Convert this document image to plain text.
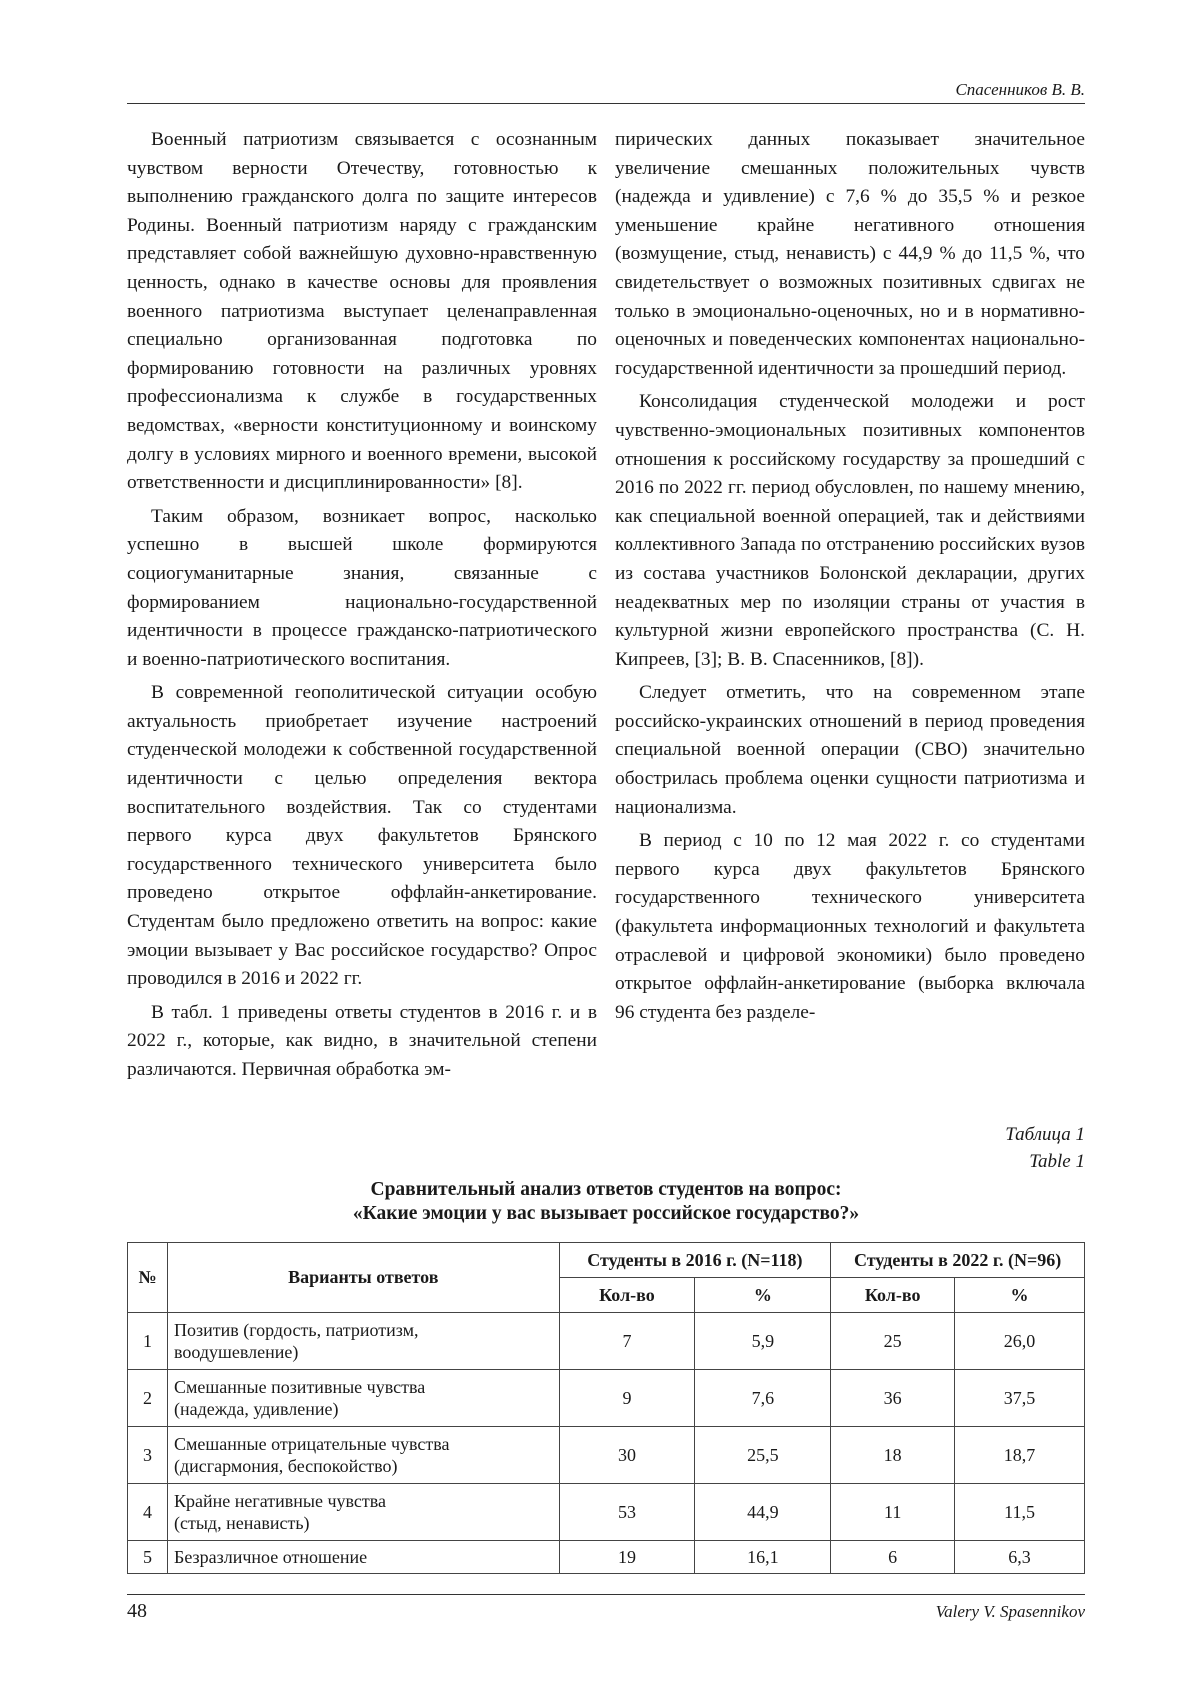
Спасенников В. В.

Военный патриотизм связывается с осознанным чувством верности Отечеству, готовностью к выполнению гражданского долга по защите интересов Родины. Военный патриотизм наряду с гражданским представляет собой важнейшую духовно-нравственную ценность, однако в качестве основы для проявления военного патриотизма выступает целенаправленная специально организованная подготовка по формированию готовности на различных уровнях профессионализма к службе в государственных ведомствах, «верности конституционному и воинскому долгу в условиях мирного и военного времени, высокой ответственности и дисциплинированности» [8].

Таким образом, возникает вопрос, насколько успешно в высшей школе формируются социогуманитарные знания, связанные с формированием национально-государственной идентичности в процессе гражданско-патриотического и военно-патриотического воспитания.

В современной геополитической ситуации особую актуальность приобретает изучение настроений студенческой молодежи к собственной государственной идентичности с целью определения вектора воспитательного воздействия. Так со студентами первого курса двух факультетов Брянского государственного технического университета было проведено открытое оффлайн-анкетирование. Студентам было предложено ответить на вопрос: какие эмоции вызывает у Вас российское государство? Опрос проводился в 2016 и 2022 гг.

В табл. 1 приведены ответы студентов в 2016 г. и в 2022 г., которые, как видно, в значительной степени различаются. Первичная обработка эм-

пирических данных показывает значительное увеличение смешанных положительных чувств (надежда и удивление) с 7,6 % до 35,5 % и резкое уменьшение крайне негативного отношения (возмущение, стыд, ненависть) с 44,9 % до 11,5 %, что свидетельствует о возможных позитивных сдвигах не только в эмоционально-оценочных, но и в нормативно-оценочных и поведенческих компонентах национально-государственной идентичности за прошедший период.

Консолидация студенческой молодежи и рост чувственно-эмоциональных позитивных компонентов отношения к российскому государству за прошедший с 2016 по 2022 гг. период обусловлен, по нашему мнению, как специальной военной операцией, так и действиями коллективного Запада по отстранению российских вузов из состава участников Болонской декларации, других неадекватных мер по изоляции страны от участия в культурной жизни европейского пространства (С. Н. Кипреев, [3]; В. В. Спасенников, [8]).

Следует отметить, что на современном этапе российско-украинских отношений в период проведения специальной военной операции (СВО) значительно обострилась проблема оценки сущности патриотизма и национализма.

В период с 10 по 12 мая 2022 г. со студентами первого курса двух факультетов Брянского государственного технического университета (факультета информационных технологий и факультета отраслевой и цифровой экономики) было проведено открытое оффлайн-анкетирование (выборка включала 96 студента без разделе-

Таблица 1
Table 1
Сравнительный анализ ответов студентов на вопрос:
«Какие эмоции у вас вызывает российское государство?»
№	Варианты ответов	Студенты в 2016 г. (N=118)		Студенты в 2022 г. (N=96)	
		Кол-во	%	Кол-во	%
1	Позитив (гордость, патриотизм,
воодушевление)	7	5,9	25	26,0
2	Смешанные позитивные чувства
(надежда, удивление)	9	7,6	36	37,5
3	Смешанные отрицательные чувства
(дисгармония, беспокойство)	30	25,5	18	18,7
4	Крайне негативные чувства
(стыд, ненависть)	53	44,9	11	11,5
5	Безразличное отношение	19	16,1	6	6,3
48	Valery V. Spasennikov
